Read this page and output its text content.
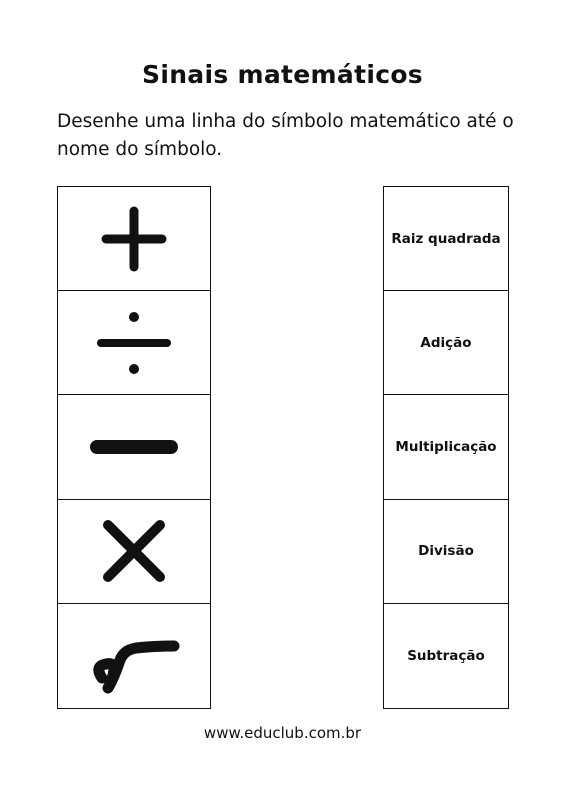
Sinais matemáticos
Desenhe uma linha do símbolo matemático até o nome do símbolo.
Raiz quadrada
Adição
Multiplicação
Divisão
Subtração
www.educlub.com.br
